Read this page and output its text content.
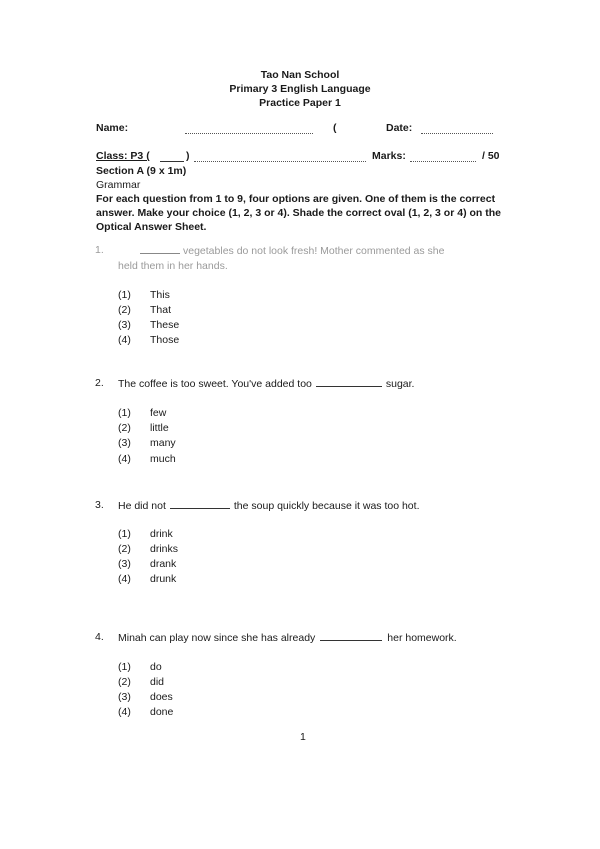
Tao Nan School
Primary 3 English Language
Practice Paper 1
Name:	(	Date:
Class: P3 (	)	Marks:	/ 50
Section A (9 x 1m)
Grammar
For each question from 1 to 9, four options are given. One of them is the correct answer. Make your choice (1, 2, 3 or 4). Shade the correct oval (1, 2, 3 or 4) on the Optical Answer Sheet.
1.	vegetables do not look fresh! Mother commented as she
held them in her hands.
(1) This
(2) That
(3) These
(4) Those
2. The coffee is too sweet. You've added too	sugar.
(1) few
(2) little
(3) many
(4) much
3. He did not	the soup quickly because it was too hot.
(1) drink
(2) drinks
(3) drank
(4) drunk
4. Minah can play now since she has already	her homework.
(1) do
(2) did
(3) does
(4) done
1
